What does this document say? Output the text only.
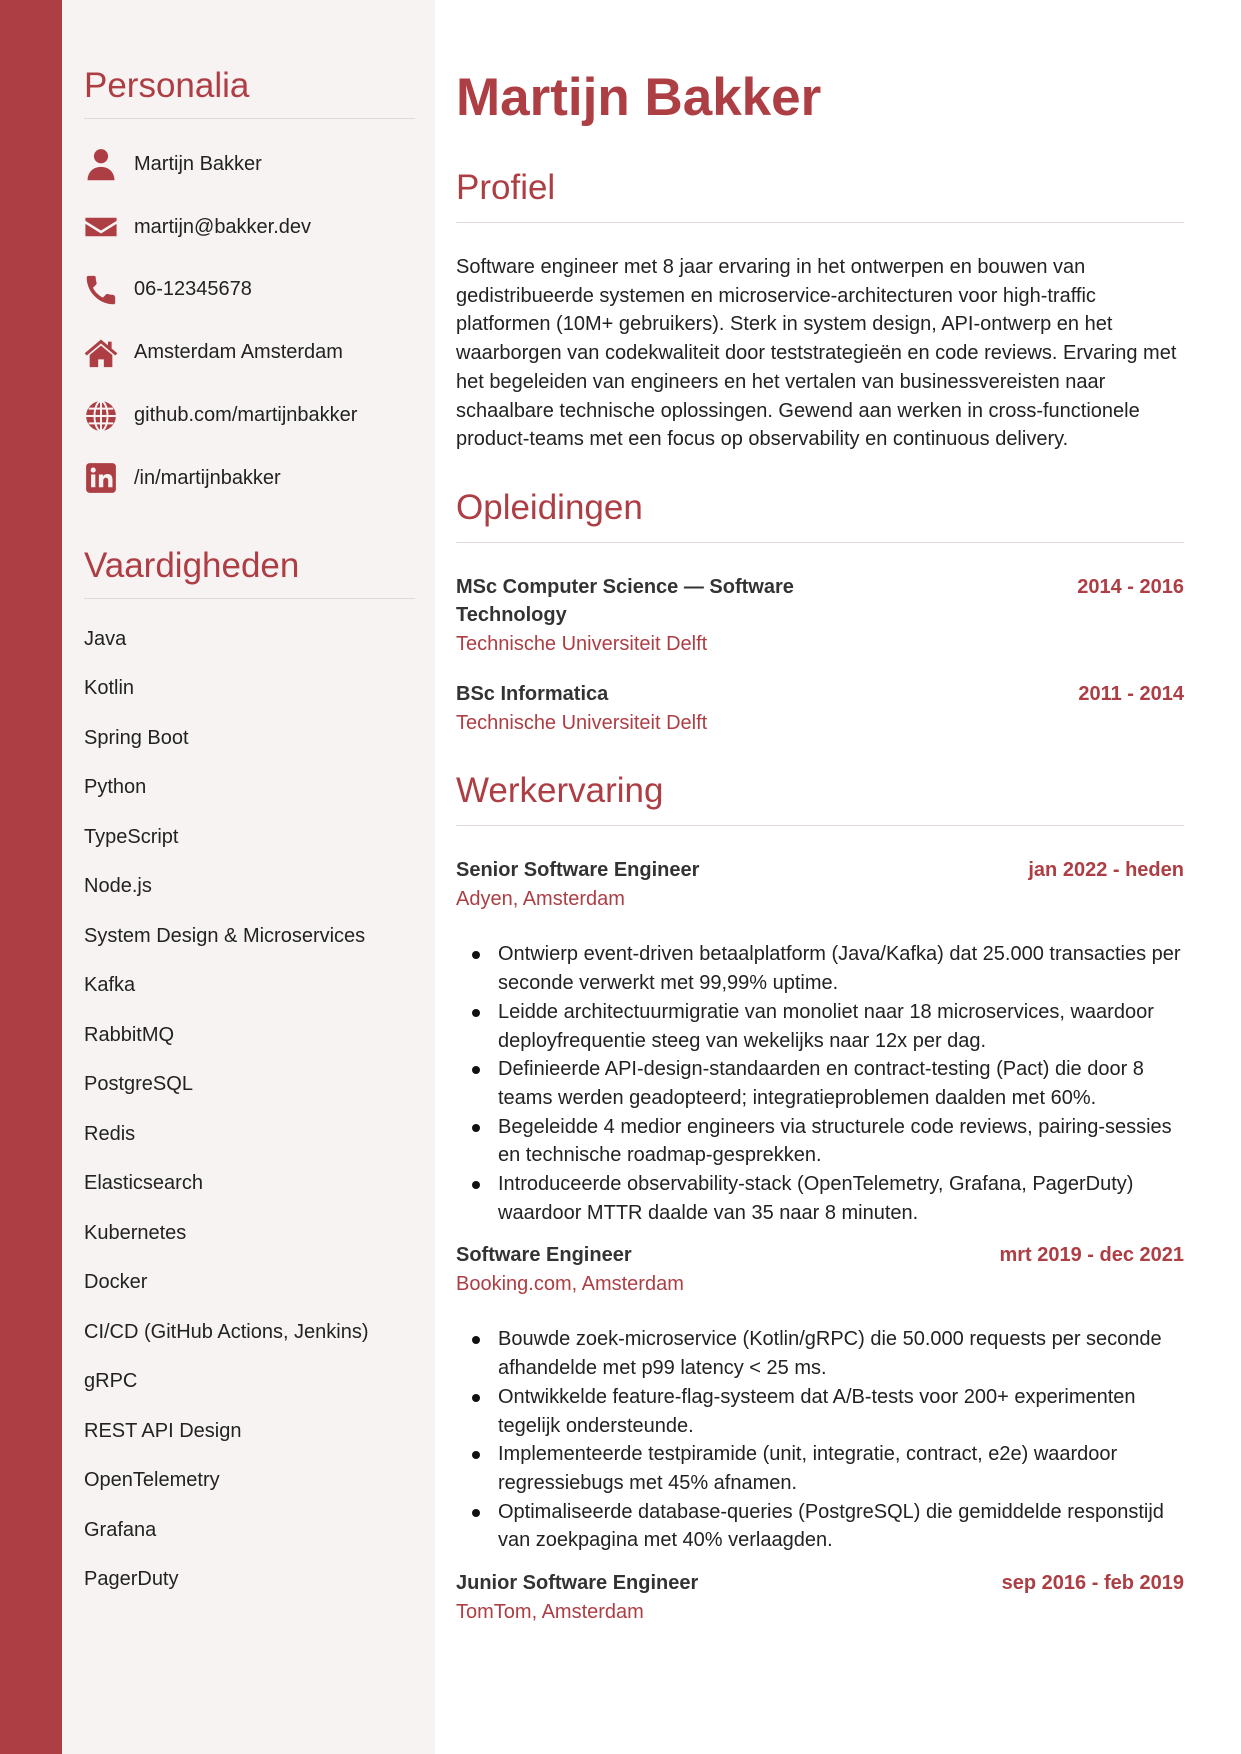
Personalia
Martijn Bakker
martijn@bakker.dev
06-12345678
Amsterdam Amsterdam
github.com/martijnbakker
/in/martijnbakker
Vaardigheden
Java
Kotlin
Spring Boot
Python
TypeScript
Node.js
System Design & Microservices
Kafka
RabbitMQ
PostgreSQL
Redis
Elasticsearch
Kubernetes
Docker
CI/CD (GitHub Actions, Jenkins)
gRPC
REST API Design
OpenTelemetry
Grafana
PagerDuty
Martijn Bakker
Profiel

Software engineer met 8 jaar ervaring in het ontwerpen en bouwen van gedistribueerde systemen en microservice-architecturen voor high-traffic platformen (10M+ gebruikers). Sterk in system design, API-ontwerp en het waarborgen van codekwaliteit door teststrategieën en code reviews. Ervaring met het begeleiden van engineers en het vertalen van businessvereisten naar schaalbare technische oplossingen. Gewend aan werken in cross-functionele product-teams met een focus op observability en continuous delivery.

Opleidingen
MSc Computer Science — Software Technology
2014 - 2016
Technische Universiteit Delft
BSc Informatica	2011 - 2014
Technische Universiteit Delft
Werkervaring
Senior Software Engineer	jan 2022 - heden
Adyen, Amsterdam
Ontwierp event-driven betaalplatform (Java/Kafka) dat 25.000 transacties per seconde verwerkt met 99,99% uptime.
Leidde architectuurmigratie van monoliet naar 18 microservices, waardoor deployfrequentie steeg van wekelijks naar 12x per dag.
Definieerde API-design-standaarden en contract-testing (Pact) die door 8 teams werden geadopteerd; integratieproblemen daalden met 60%.
Begeleidde 4 medior engineers via structurele code reviews, pairing-sessies en technische roadmap-gesprekken.
Introduceerde observability-stack (OpenTelemetry, Grafana, PagerDuty) waardoor MTTR daalde van 35 naar 8 minuten.
Software Engineer	mrt 2019 - dec 2021
Booking.com, Amsterdam
Bouwde zoek-microservice (Kotlin/gRPC) die 50.000 requests per seconde afhandelde met p99 latency < 25 ms.
Ontwikkelde feature-flag-systeem dat A/B-tests voor 200+ experimenten tegelijk ondersteunde.
Implementeerde testpiramide (unit, integratie, contract, e2e) waardoor regressiebugs met 45% afnamen.
Optimaliseerde database-queries (PostgreSQL) die gemiddelde responstijd van zoekpagina met 40% verlaagden.
Junior Software Engineer	sep 2016 - feb 2019
TomTom, Amsterdam
